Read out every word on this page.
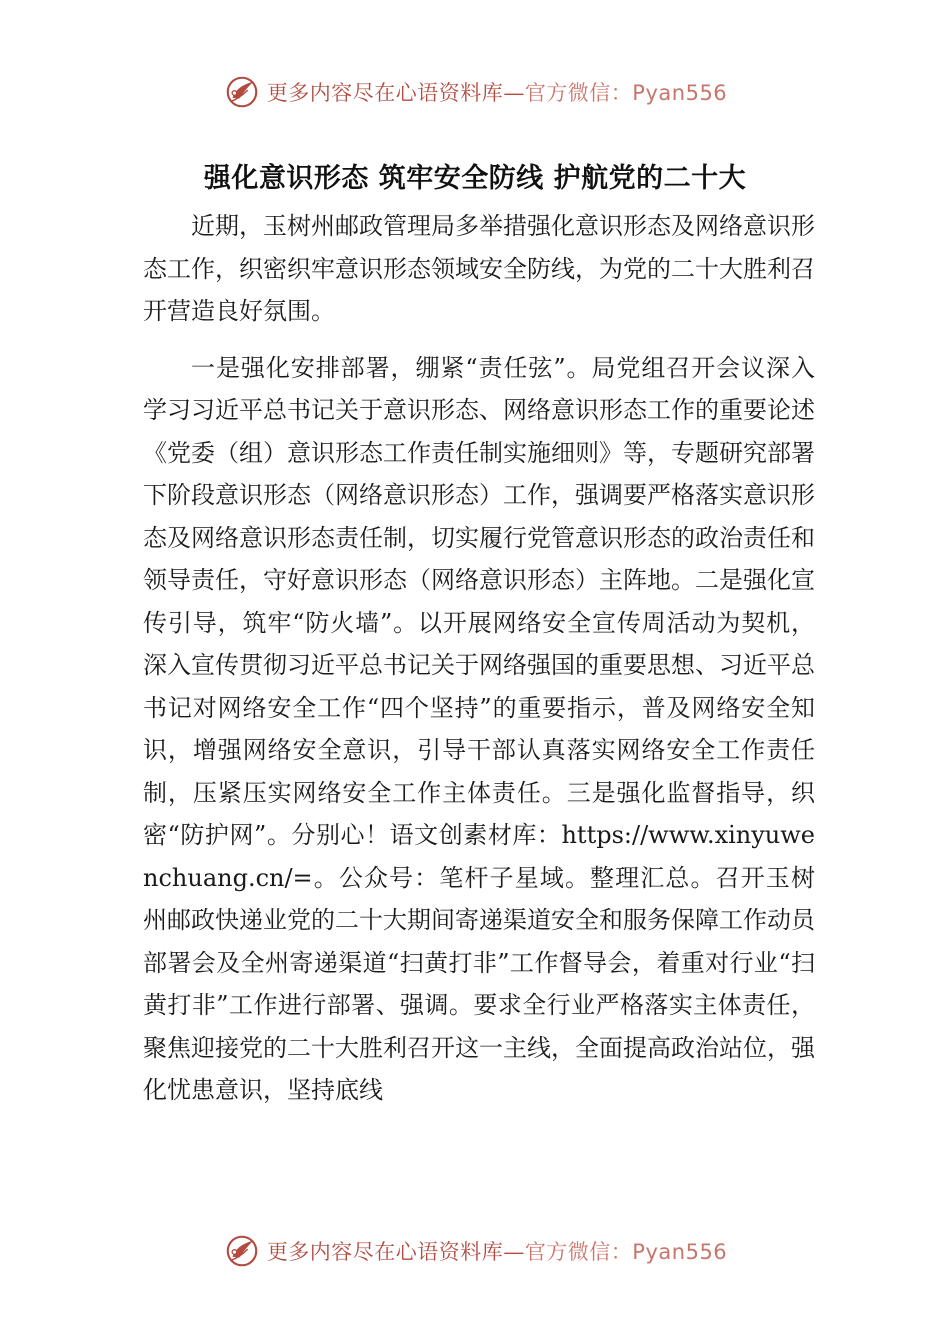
更多内容尽在心语资料库—官方微信：Pyan556
强化意识形态 筑牢安全防线 护航党的二十大

近期，玉树州邮政管理局多举措强化意识形态及网络意识形态工作，织密织牢意识形态领域安全防线，为党的二十大胜利召开营造良好氛围。

一是强化安排部署，绷紧“责任弦”。局党组召开会议深入学习习近平总书记关于意识形态、网络意识形态工作的重要论述《党委（组）意识形态工作责任制实施细则》等，专题研究部署下阶段意识形态（网络意识形态）工作，强调要严格落实意识形态及网络意识形态责任制，切实履行党管意识形态的政治责任和领导责任，守好意识形态（网络意识形态）主阵地。二是强化宣传引导，筑牢“防火墙”。以开展网络安全宣传周活动为契机，深入宣传贯彻习近平总书记关于网络强国的重要思想、习近平总书记对网络安全工作“四个坚持”的重要指示，普及网络安全知识，增强网络安全意识，引导干部认真落实网络安全工作责任制，压紧压实网络安全工作主体责任。三是强化监督指导，织密“防护网”。分别心！语文创素材库：https://www.xinyuwenchuang.cn/=。公众号：笔杆子星域。整理汇总。召开玉树州邮政快递业党的二十大期间寄递渠道安全和服务保障工作动员部署会及全州寄递渠道“扫黄打非”工作督导会，着重对行业“扫黄打非”工作进行部署、强调。要求全行业严格落实主体责任，聚焦迎接党的二十大胜利召开这一主线，全面提高政治站位，强化忧患意识，坚持底线

更多内容尽在心语资料库—官方微信：Pyan556
